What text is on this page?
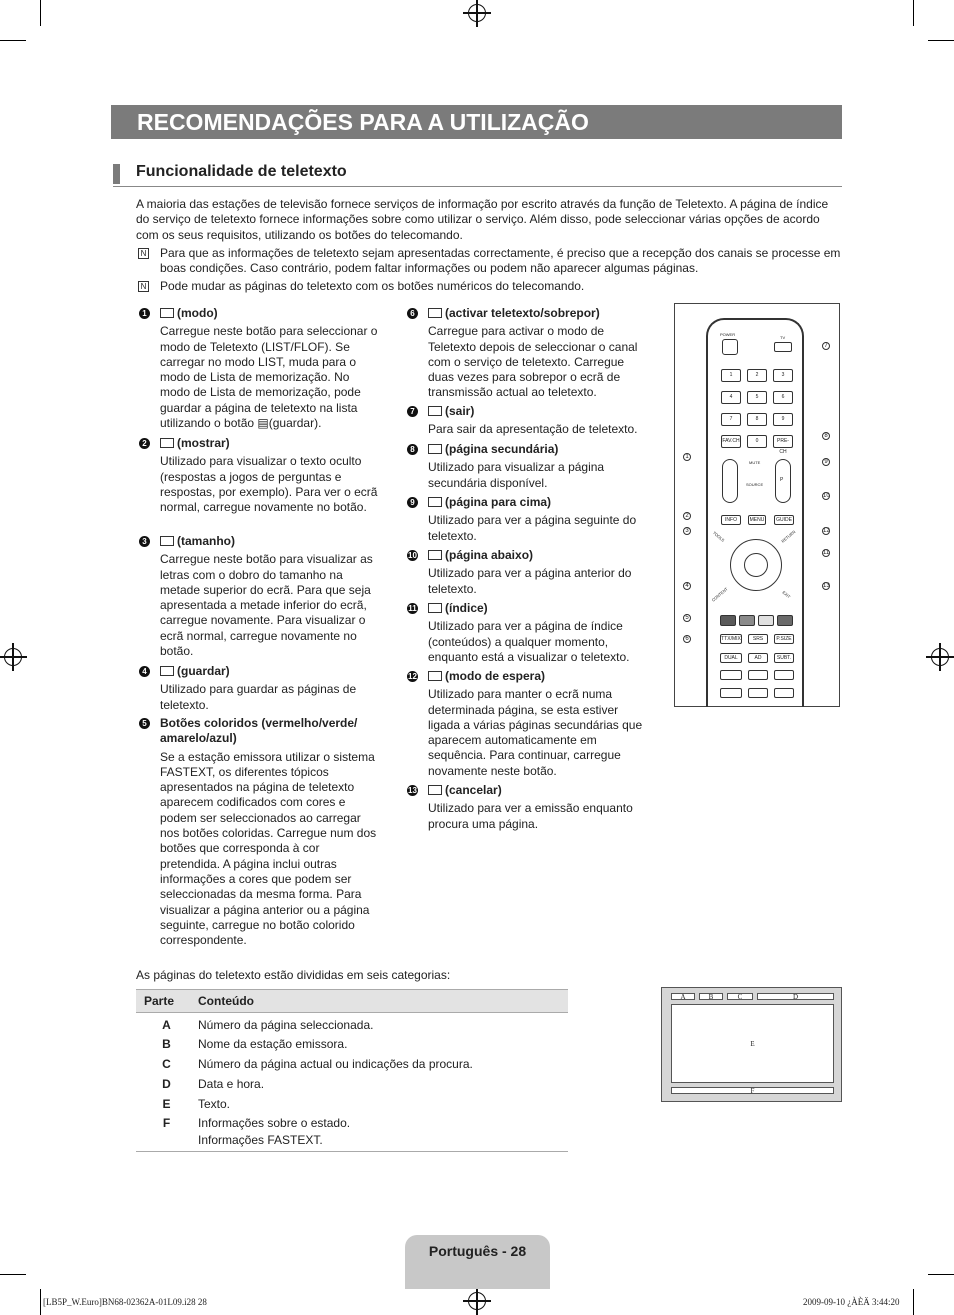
RECOMENDAÇÕES PARA A UTILIZAÇÃO
Funcionalidade de teletexto

A maioria das estações de televisão fornece serviços de informação por escrito através da função de Teletexto. A página de índice do serviço de teletexto fornece informações sobre como utilizar o serviço. Além disso, pode seleccionar várias opções de acordo com os seus requisitos, utilizando os botões do telecomando.

N Para que as informações de teletexto sejam apresentadas correctamente, é preciso que a recepção dos canais se processe em boas condições. Caso contrário, podem faltar informações ou podem não aparecer algumas páginas.

N Pode mudar as páginas do teletexto com os botões numéricos do telecomando.

1	(modo)

Carregue neste botão para seleccionar o modo de Teletexto (LIST/FLOF). Se carregar no modo LIST, muda para o modo de Lista de memorização. No modo de Lista de memorização, pode guardar a página de teletexto na lista utilizando o botão ▤(guardar).

2	(mostrar)

Utilizado para visualizar o texto oculto (respostas a jogos de perguntas e respostas, por exemplo). Para ver o ecrã normal, carregue novamente no botão.

3	(tamanho)

Carregue neste botão para visualizar as letras com o dobro do tamanho na metade superior do ecrã. Para que seja apresentada a metade inferior do ecrã, carregue novamente. Para visualizar o ecrã normal, carregue novamente no botão.

4	(guardar)

Utilizado para guardar as páginas de teletexto.

5 Botões coloridos (vermelho/verde/ amarelo/azul)

Se a estação emissora utilizar o sistema FASTEXT, os diferentes tópicos apresentados na página de teletexto aparecem codificados com cores e podem ser seleccionados ao carregar nos botões coloridas. Carregue num dos botões que corresponda à cor pretendida. A página inclui outras informações a cores que podem ser seleccionadas da mesma forma. Para visualizar a página anterior ou a página seguinte, carregue no botão colorido correspondente.

6	(activar teletexto/sobrepor)

Carregue para activar o modo de Teletexto depois de seleccionar o canal com o serviço de teletexto. Carregue duas vezes para sobrepor o ecrã de transmissão actual ao teletexto.

7	(sair)

Para sair da apresentação de teletexto.

8	(página secundária)

Utilizado para visualizar a página secundária disponível.

9	(página para cima)

Utilizado para ver a página seguinte do teletexto.

10	(página abaixo)

Utilizado para ver a página anterior do teletexto.

11	(índice)

Utilizado para ver a página de índice (conteúdos) a qualquer momento, enquanto está a visualizar o teletexto.

12	(modo de espera)

Utilizado para manter o ecrã numa determinada página, se esta estiver ligada a várias páginas secundárias que aparecem automaticamente em sequência. Para continuar, carregue novamente neste botão.

13	(cancelar)

Utilizado para ver a emissão enquanto procura uma página.

POWER
TV
1	2	3
4	5	6
7	8	9
FAV.CH	0	PRE-CH
P
MUTE
SOURCE
INFO	MENU	GUIDE
TOOLS	RETURN
CONTENT	EXIT
TTX/MIX	SRS	P.SIZE
DUAL	AD	SUBT.
7
8
1
9
10
2
12
3
11
4	13
5
6

As páginas do teletexto estão divididas em seis categorias:

Parte	Conteúdo
A	Número da página seleccionada.
B	Nome da estação emissora.
C	Número da página actual ou indicações da procura.
D	Data e hora.
E	Texto.
F	Informações sobre o estado.
	Informações FASTEXT.
A	B	C	D
E
F
Português - 28
[LB5P_W.Euro]BN68-02362A-01L09.i28 28	2009-09-10 ¿ÀÈÄ 3:44:20
